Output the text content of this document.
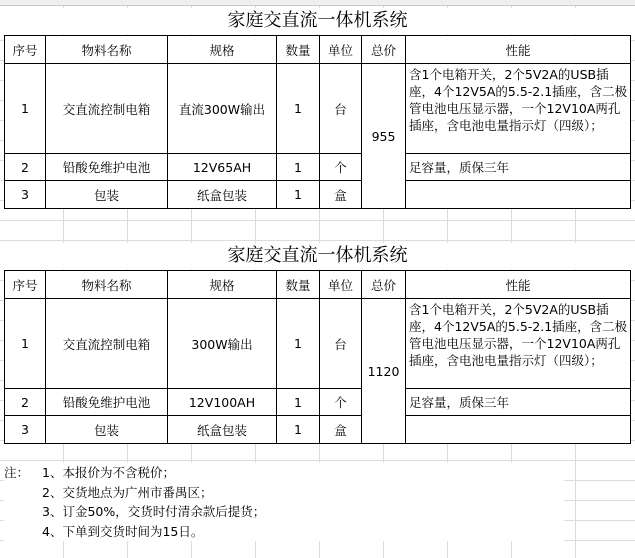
家庭交直流一体机系统
序号	物料名称	规格	数量	单位	总价	性能
1	交直流控制电箱	直流300W输出	1	台	955	含1个电箱开关，2个5V2A的USB插座，4个12V5A的5.5-2.1插座，含二极管电池电压显示器，一个12V10A两孔插座，含电池电量指示灯（四级）；
2	铅酸免维护电池	12V65AH	1	个		足容量，质保三年
3	包装	纸盒包装	1	盒		
家庭交直流一体机系统
序号	物料名称	规格	数量	单位	总价	性能
1	交直流控制电箱	300W输出	1	台	1120	含1个电箱开关，2个5V2A的USB插座，4个12V5A的5.5-2.1插座，含二极管电池电压显示器，一个12V10A两孔插座，含电池电量指示灯（四级）；
2	铅酸免维护电池	12V100AH	1	个		足容量，质保三年
3	包装	纸盒包装	1	盒		
注：	1、本报价为不含税价；
2、交货地点为广州市番禺区；
3、订金50%，交货时付清余款后提货；
4、下单到交货时间为15日。
